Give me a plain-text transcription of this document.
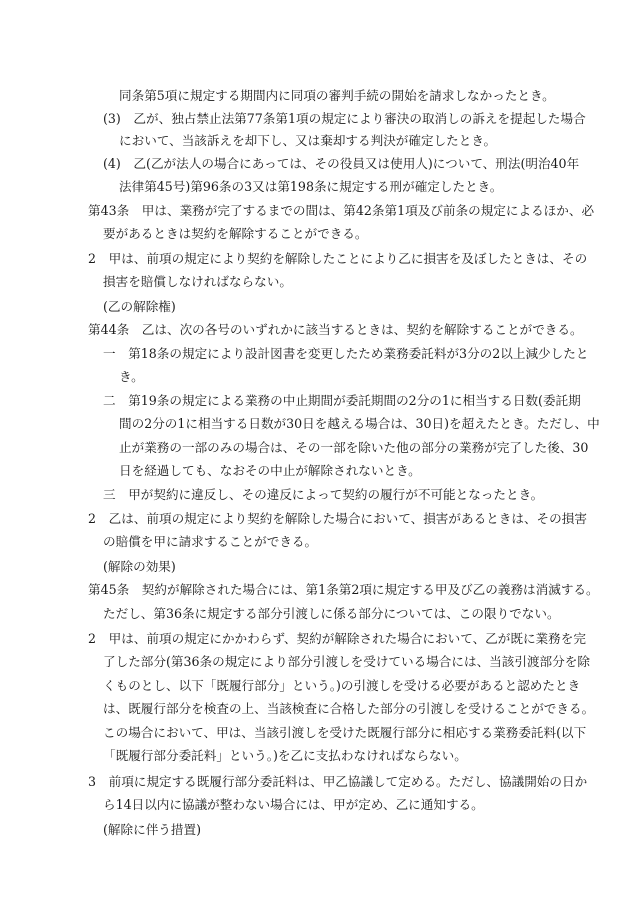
同条第5項に規定する期間内に同項の審判手続の開始を請求しなかったとき。
(3)　乙が、独占禁止法第77条第1項の規定により審決の取消しの訴えを提起した場合
において、当該訴えを却下し、又は棄却する判決が確定したとき。
(4)　乙(乙が法人の場合にあっては、その役員又は使用人)について、刑法(明治40年
法律第45号)第96条の3又は第198条に規定する刑が確定したとき。
第43条　甲は、業務が完了するまでの間は、第42条第1項及び前条の規定によるほか、必
要があるときは契約を解除することができる。
2　甲は、前項の規定により契約を解除したことにより乙に損害を及ぼしたときは、その
損害を賠償しなければならない。
(乙の解除権)
第44条　乙は、次の各号のいずれかに該当するときは、契約を解除することができる。
一　第18条の規定により設計図書を変更したため業務委託料が3分の2以上減少したと
き。
二　第19条の規定による業務の中止期間が委託期間の2分の1に相当する日数(委託期
間の2分の1に相当する日数が30日を越える場合は、30日)を超えたとき。ただし、中
止が業務の一部のみの場合は、その一部を除いた他の部分の業務が完了した後、30
日を経過しても、なおその中止が解除されないとき。
三　甲が契約に違反し、その違反によって契約の履行が不可能となったとき。
2　乙は、前項の規定により契約を解除した場合において、損害があるときは、その損害
の賠償を甲に請求することができる。
(解除の効果)
第45条　契約が解除された場合には、第1条第2項に規定する甲及び乙の義務は消滅する。
ただし、第36条に規定する部分引渡しに係る部分については、この限りでない。
2　甲は、前項の規定にかかわらず、契約が解除された場合において、乙が既に業務を完
了した部分(第36条の規定により部分引渡しを受けている場合には、当該引渡部分を除
くものとし、以下「既履行部分」という。)の引渡しを受ける必要があると認めたとき
は、既履行部分を検査の上、当該検査に合格した部分の引渡しを受けることができる。
この場合において、甲は、当該引渡しを受けた既履行部分に相応する業務委託料(以下
「既履行部分委託料」という。)を乙に支払わなければならない。
3　前項に規定する既履行部分委託料は、甲乙協議して定める。ただし、協議開始の日か
ら14日以内に協議が整わない場合には、甲が定め、乙に通知する。
(解除に伴う措置)
